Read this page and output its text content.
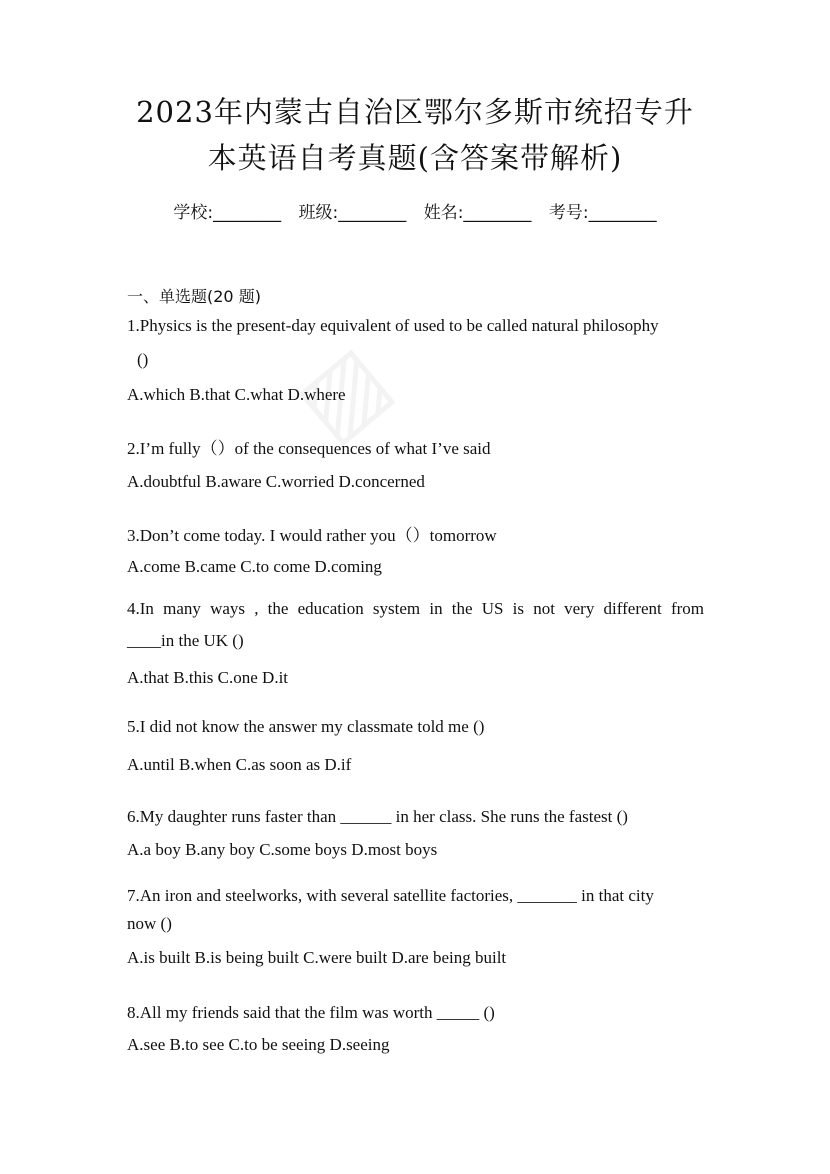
2023年内蒙古自治区鄂尔多斯市统招专升
本英语自考真题(含答案带解析)
学校:________ 班级:________ 姓名:________ 考号:________
一、单选题(20 题)
1.Physics is the present-day equivalent of used to be called natural philosophy
()
A.which B.that C.what D.where
2.I’m fully（）of the consequences of what I’ve said
A.doubtful B.aware C.worried D.concerned
3.Don’t come today. I would rather you（）tomorrow
A.come B.came C.to come D.coming
4.In many ways , the education system in the US is not very different from
____in the UK ()
A.that B.this C.one D.it
5.I did not know the answer my classmate told me ()
A.until B.when C.as soon as D.if
6.My daughter runs faster than ______ in her class. She runs the fastest ()
A.a boy B.any boy C.some boys D.most boys
7.An iron and steelworks, with several satellite factories, _______ in that city
now ()
A.is built B.is being built C.were built D.are being built
8.All my friends said that the film was worth _____ ()
A.see B.to see C.to be seeing D.seeing
